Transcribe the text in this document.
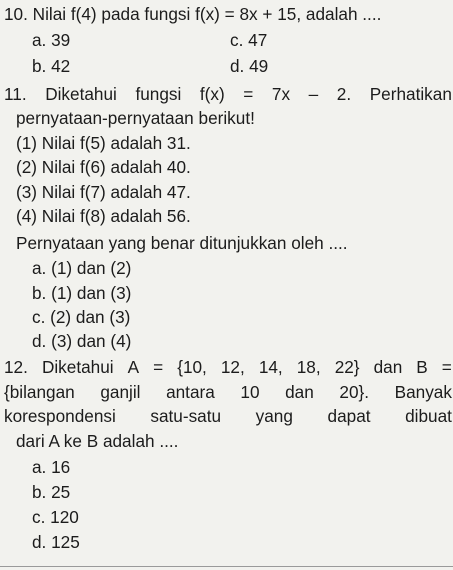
10. Nilai f(4) pada fungsi f(x) = 8x + 15, adalah ....
a. 39	c. 47
b. 42	d. 49
11. Diketahui fungsi f(x) = 7x – 2. Perhatikan
pernyataan-pernyataan berikut!
(1) Nilai f(5) adalah 31.
(2) Nilai f(6) adalah 40.
(3) Nilai f(7) adalah 47.
(4) Nilai f(8) adalah 56.
Pernyataan yang benar ditunjukkan oleh ....
a. (1) dan (2)
b. (1) dan (3)
c. (2) dan (3)
d. (3) dan (4)
12. Diketahui A = {10, 12, 14, 18, 22} dan B =
{bilangan ganjil antara 10 dan 20}. Banyak
korespondensi satu-satu yang dapat dibuat
dari A ke B adalah ....
a. 16
b. 25
c. 120
d. 125
